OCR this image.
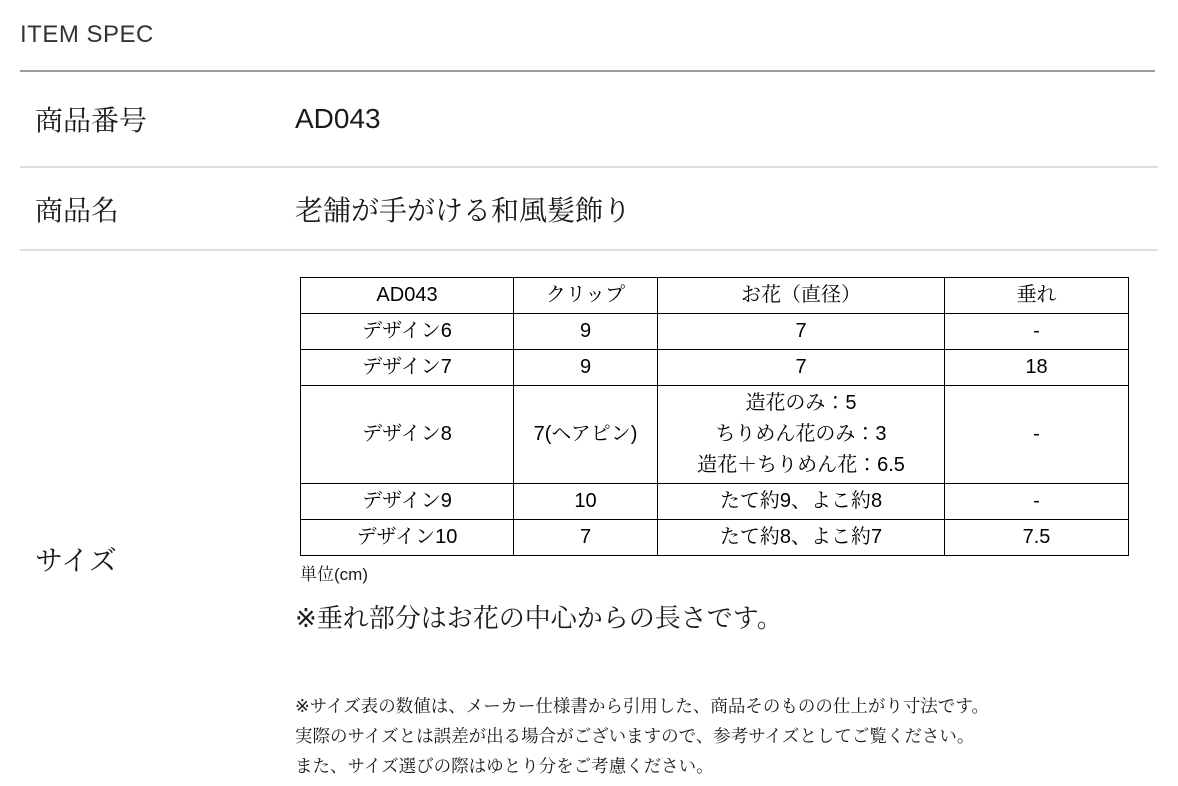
ITEM SPEC
商品番号	AD043
商品名	老舗が手がける和風髪飾り
サイズ
AD043	クリップ	お花（直径）	垂れ
デザイン6	9	7	-
デザイン7	9	7	18
デザイン8	7(ヘアピン)	造花のみ：5
ちりめん花のみ：3
造花＋ちりめん花：6.5	-
デザイン9	10	たて約9、よこ約8	-
デザイン10	7	たて約8、よこ約7	7.5
単位(cm)
※垂れ部分はお花の中心からの長さです。
※サイズ表の数値は、メーカー仕様書から引用した、商品そのものの仕上がり寸法です。
実際のサイズとは誤差が出る場合がございますので、参考サイズとしてご覧ください。
また、サイズ選びの際はゆとり分をご考慮ください。
